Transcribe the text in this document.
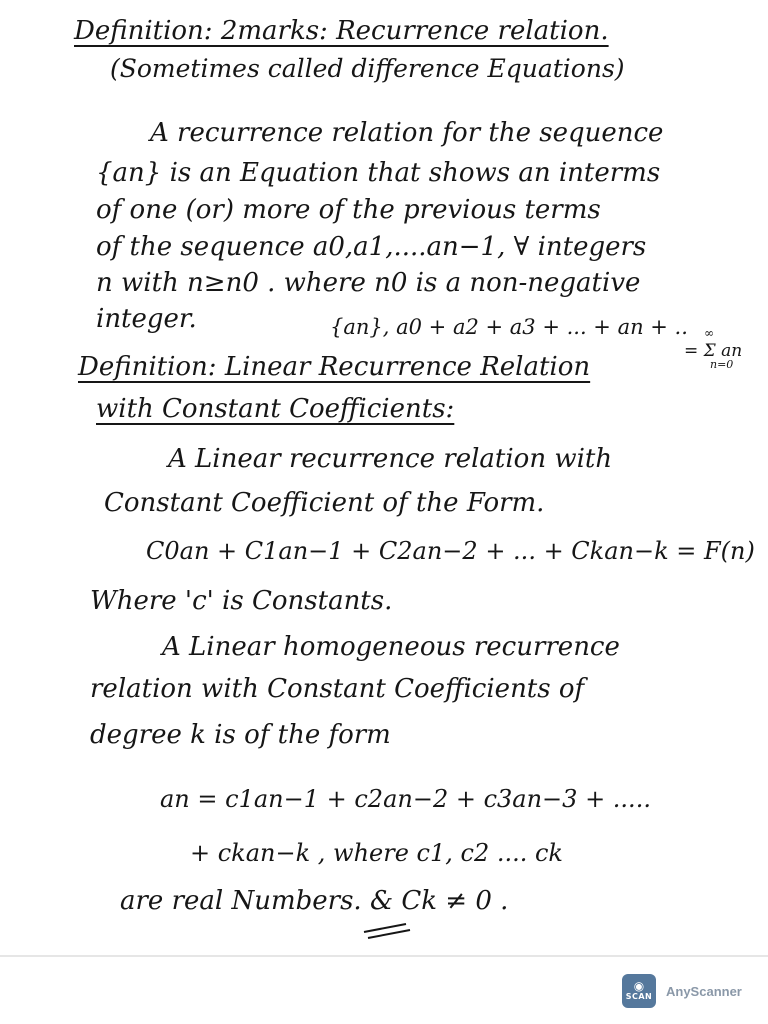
Definition: 2marks: Recurrence relation.
(Sometimes called difference Equations)
A recurrence relation for the sequence
{an} is an Equation that shows an interms
of one (or) more of the previous terms
of the sequence a0,a1,....an−1, ∀ integers
n with n≥n0 . where n0 is a non-negative
integer.	{an}, a0 + a2 + a3 + ... + an + .. ∞
= Σ an
n=0
Definition: Linear Recurrence Relation
with Constant Coefficients:
A Linear recurrence relation with
Constant Coefficient of the Form.
C0an + C1an−1 + C2an−2 + ... + Ckan−k = F(n)
Where 'c' is Constants.
A Linear homogeneous recurrence
relation with Constant Coefficients of
degree k is of the form
an = c1an−1 + c2an−2 + c3an−3 + .....
+ ckan−k , where c1, c2 .... ck
are real Numbers. & Ck ≠ 0 .
◉
SCAN AnyScanner
